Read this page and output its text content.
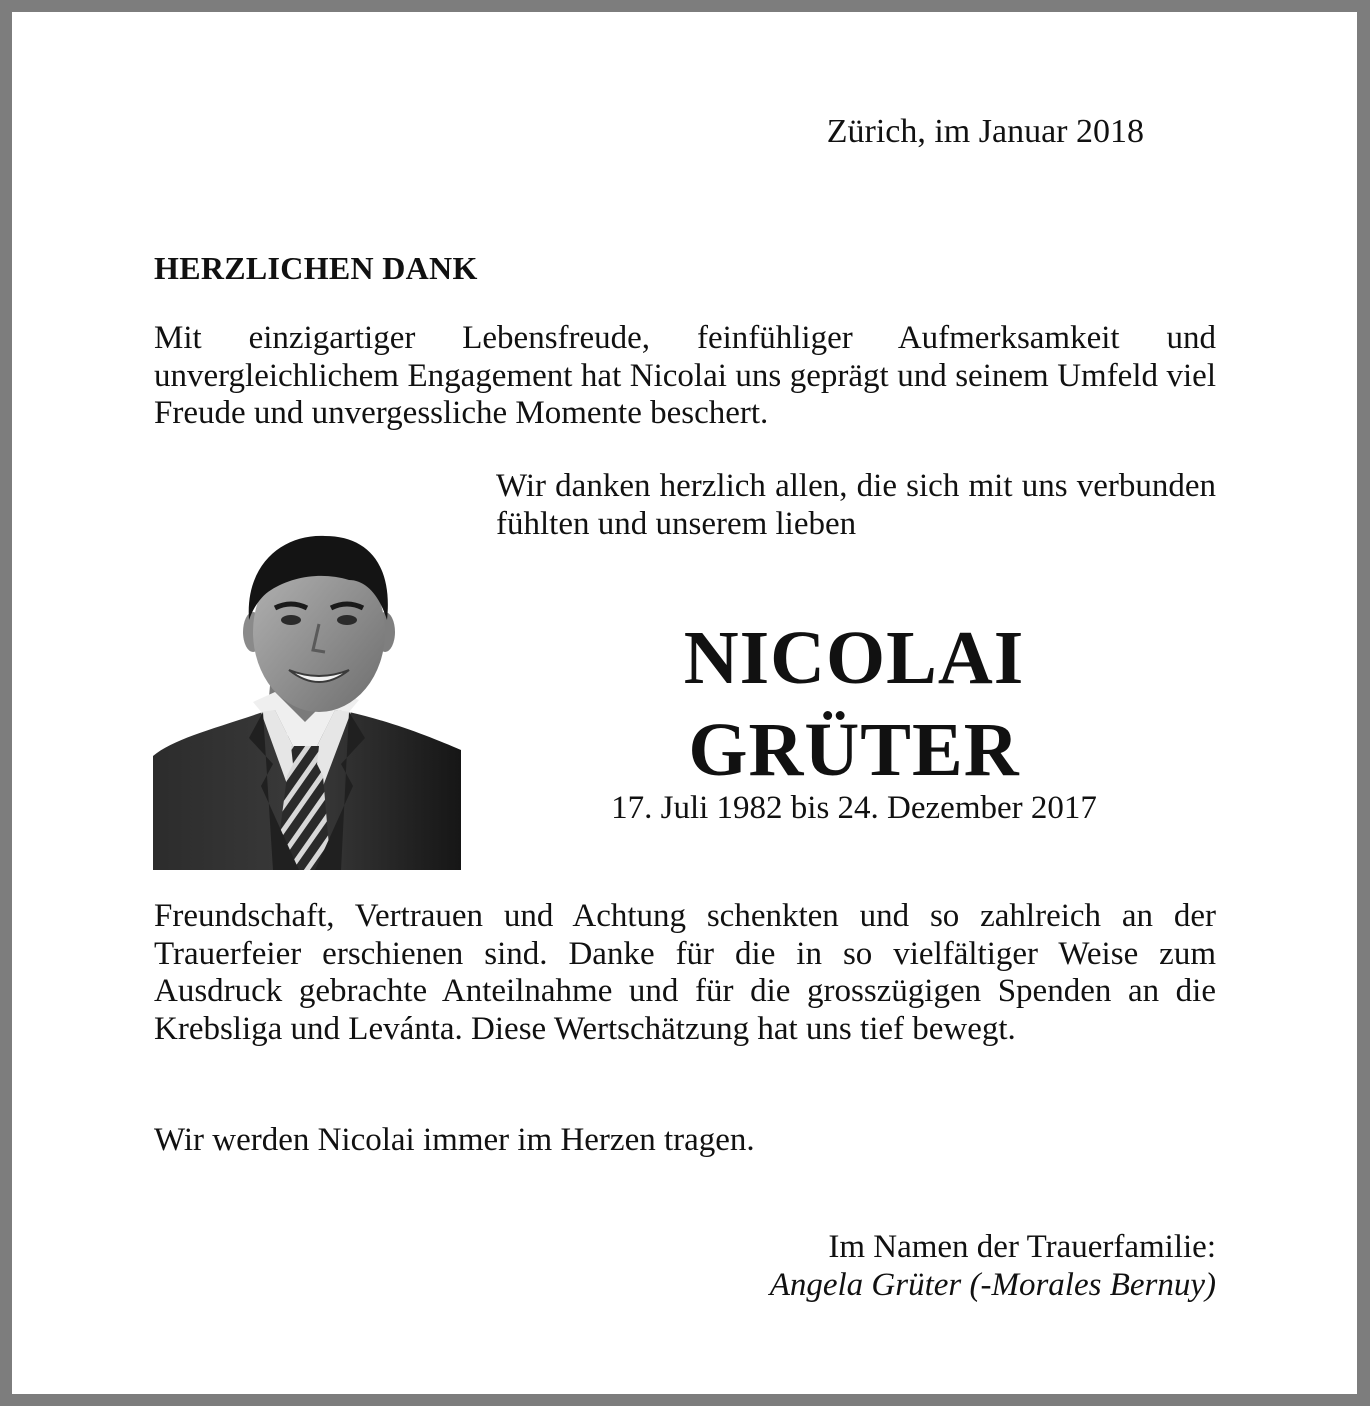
Zürich, im Januar 2018
HERZLICHEN DANK
Mit einzigartiger Lebensfreude, feinfühliger Aufmerksamkeit und unvergleichlichem Engagement hat Nicolai uns geprägt und seinem Umfeld viel Freude und unvergessliche Momente beschert.
Wir danken herzlich allen, die sich mit uns verbunden fühlten und unserem lieben
NICOLAI
GRÜTER
17. Juli 1982 bis 24. Dezember 2017
Freundschaft, Vertrauen und Achtung schenkten und so zahlreich an der Trauerfeier erschienen sind. Danke für die in so vielfältiger Weise zum Ausdruck gebrachte Anteilnahme und für die grosszügigen Spenden an die Krebsliga und Levánta. Diese Wertschätzung hat uns tief bewegt.
Wir werden Nicolai immer im Herzen tragen.
Im Namen der Trauerfamilie:
Angela Grüter (-Morales Bernuy)
